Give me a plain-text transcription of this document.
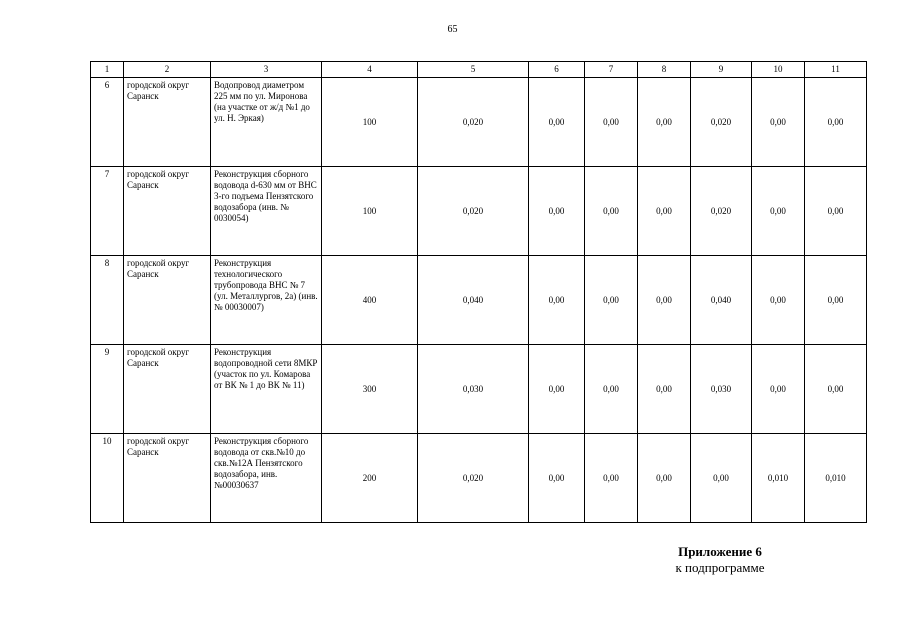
65
1	2	3	4	5	6	7	8	9	10	11
6	городской округ Саранск	Водопровод диаметром 225 мм по ул. Миронова (на участке от ж/д №1 до ул. Н. Эркая)	100	0,020	0,00	0,00	0,00	0,020	0,00	0,00
7	городской округ Саранск	Реконструкция сборного водовода d-630 мм от ВНС 3-го подъема Пензятского водозабора (инв. № 0030054)	100	0,020	0,00	0,00	0,00	0,020	0,00	0,00
8	городской округ Саранск	Реконструкция технологического трубопровода ВНС № 7 (ул. Металлургов, 2а) (инв. № 00030007)	400	0,040	0,00	0,00	0,00	0,040	0,00	0,00
9	городской округ Саранск	Реконструкция водопроводной сети 8МКР (участок по ул. Комарова от ВК № 1 до ВК № 11)	300	0,030	0,00	0,00	0,00	0,030	0,00	0,00
10	городской округ Саранск	Реконструкция сборного водовода от скв.№10 до скв.№12А Пензятского водозабора, инв. №00030637	200	0,020	0,00	0,00	0,00	0,00	0,010	0,010
Приложение 6
к подпрограмме
